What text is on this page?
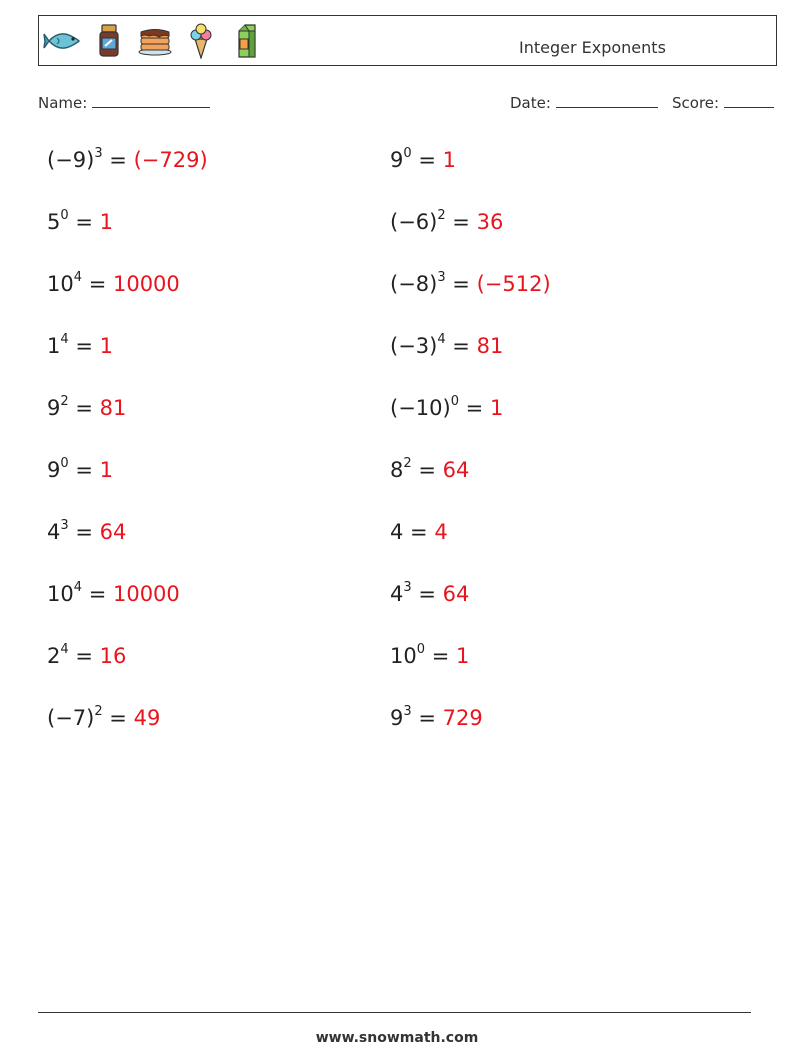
Integer Exponents
Name:	Date:	Score:
$(-9)^3 = (-729)$	$9^0 = 1$
$5^0 = 1$	$(-6)^2 = 36$
$10^4 = 10000$	$(-8)^3 = (-512)$
$1^4 = 1$	$(-3)^4 = 81$
$9^2 = 81$	$(-10)^0 = 1$
$9^0 = 1$	$8^2 = 64$
$4^3 = 64$	4 = 4
$10^4 = 10000$	$4^3 = 64$
$2^4 = 16$	$10^0 = 1$
$(-7)^2 = 49$	$9^3 = 729$
www.snowmath.com
